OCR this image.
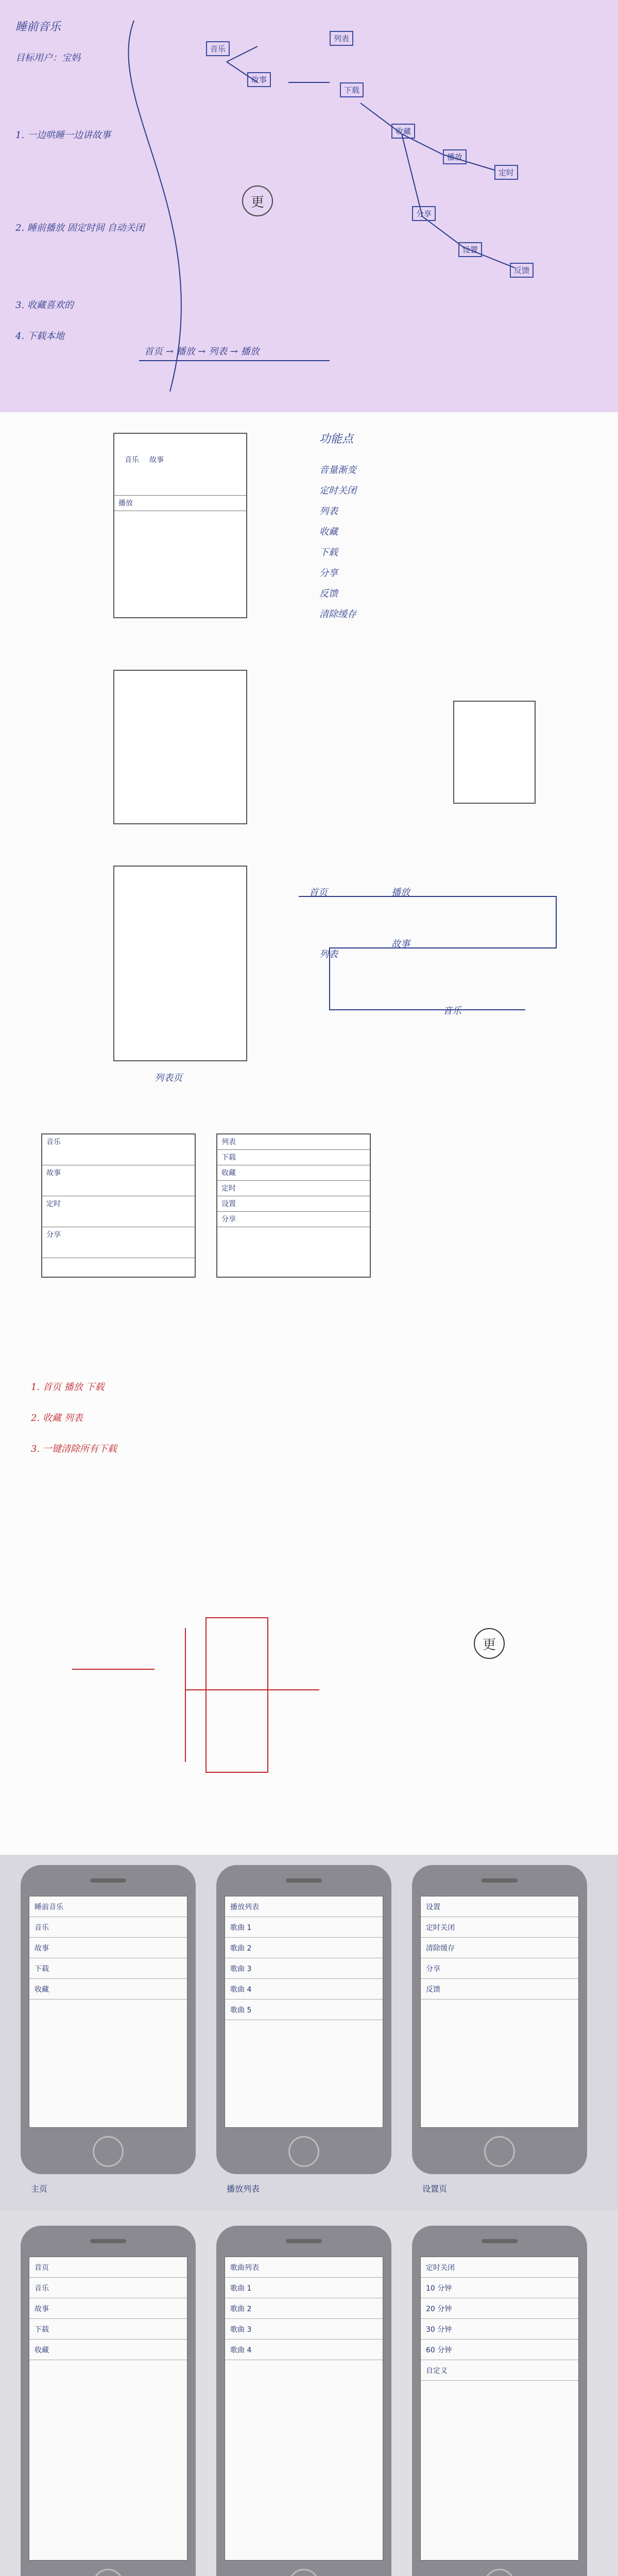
睡前音乐
目标用户：宝妈
1. 一边哄睡一边讲故事
2. 睡前播放 固定时间 自动关闭
3. 收藏喜欢的
4. 下载本地
音乐
故事
列表
下载
收藏
播放
定时
分享
设置
反馈
首页 → 播放 → 列表 → 播放
更
音乐 故事
播放
功能点
音量渐变
定时关闭
列表
收藏
下载
分享
反馈
清除缓存
列表页
首页	播放
列表
故事
音乐
音乐
故事
定时
分享
列表
下载
收藏
定时
设置
分享
1. 首页 播放 下载
2. 收藏 列表
3. 一键清除所有下载
更
睡前音乐
音乐
故事
下载
收藏
播放列表
歌曲 1
歌曲 2
歌曲 3
歌曲 4
歌曲 5
设置
定时关闭
清除缓存
分享
反馈
主页	播放列表	设置页
首页
音乐
故事
下载
收藏
歌曲列表
歌曲 1
歌曲 2
歌曲 3
歌曲 4
定时关闭
10 分钟
20 分钟
30 分钟
60 分钟
自定义
